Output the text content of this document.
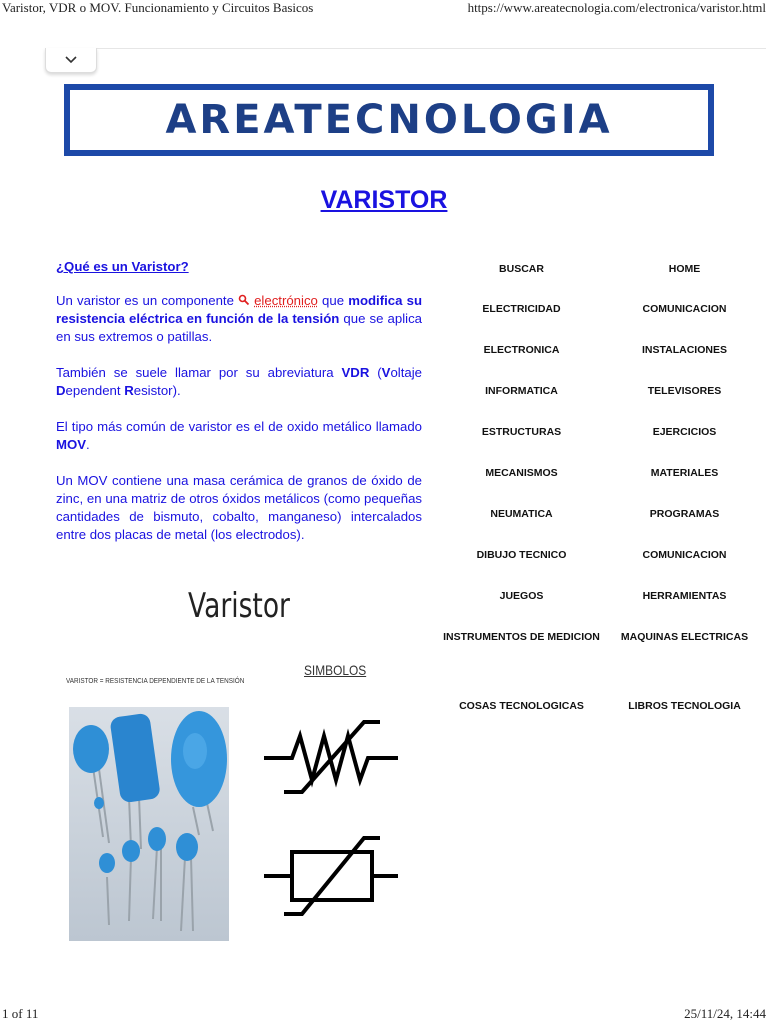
Varistor, VDR o MOV. Funcionamiento y Circuitos Basicos	https://www.areatecnologia.com/electronica/varistor.html
AREATECNOLOGIA
VARISTOR

¿Qué es un Varistor?

Un varistor es un componente electrónico que modifica su resistencia eléctrica en función de la tensión que se aplica en sus extremos o patillas.

También se suele llamar por su abreviatura VDR (Voltaje Dependent Resistor).

El tipo más común de varistor es el de oxido metálico llamado MOV.

Un MOV contiene una masa cerámica de granos de óxido de zinc, en una matriz de otros óxidos metálicos (como pequeñas cantidades de bismuto, cobalto, manganeso) intercalados entre dos placas de metal (los electrodos).

Varistor
VARISTOR = RESISTENCIA DEPENDIENTE DE LA TENSIÓN
SIMBOLOS
BUSCAR	HOME
ELECTRICIDAD	COMUNICACION
ELECTRONICA	INSTALACIONES
INFORMATICA	TELEVISORES
ESTRUCTURAS	EJERCICIOS
MECANISMOS	MATERIALES
NEUMATICA	PROGRAMAS
DIBUJO TECNICO	COMUNICACION
JUEGOS	HERRAMIENTAS
INSTRUMENTOS DE MEDICION	MAQUINAS ELECTRICAS
COSAS TECNOLOGICAS	LIBROS TECNOLOGIA
1 of 11	25/11/24, 14:44
